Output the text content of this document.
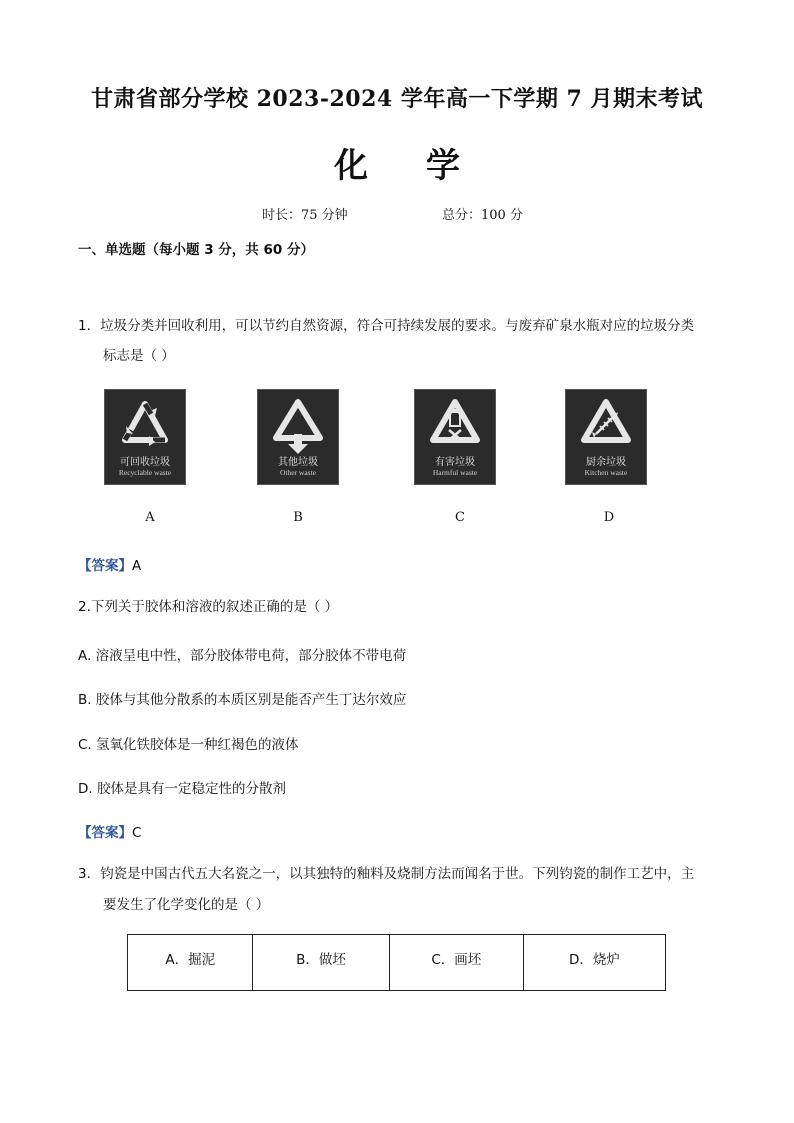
甘肃省部分学校 2023-2024 学年高一下学期 7 月期末考试
化 学
时长：75 分钟	总分：100 分
一、单选题（每小题 3 分，共 60 分）
1．垃圾分类并回收利用，可以节约自然资源，符合可持续发展的要求。与废弃矿泉水瓶对应的垃圾分类
标志是（ ）
可回收垃圾
Recyclable waste
其他垃圾
Other waste
有害垃圾
Harmful waste
厨余垃圾
Kitchen waste
A	B	C	D
【答案】A
2.下列关于胶体和溶液的叙述正确的是（ ）
A. 溶液呈电中性，部分胶体带电荷，部分胶体不带电荷
B. 胶体与其他分散系的本质区别是能否产生丁达尔效应
C. 氢氧化铁胶体是一种红褐色的液体
D. 胶体是具有一定稳定性的分散剂
【答案】C
3．钧瓷是中国古代五大名瓷之一，以其独特的釉料及烧制方法而闻名于世。下列钧瓷的制作工艺中，主
要发生了化学变化的是（ ）
A．掘泥	B．做坯	C．画坯	D．烧炉
